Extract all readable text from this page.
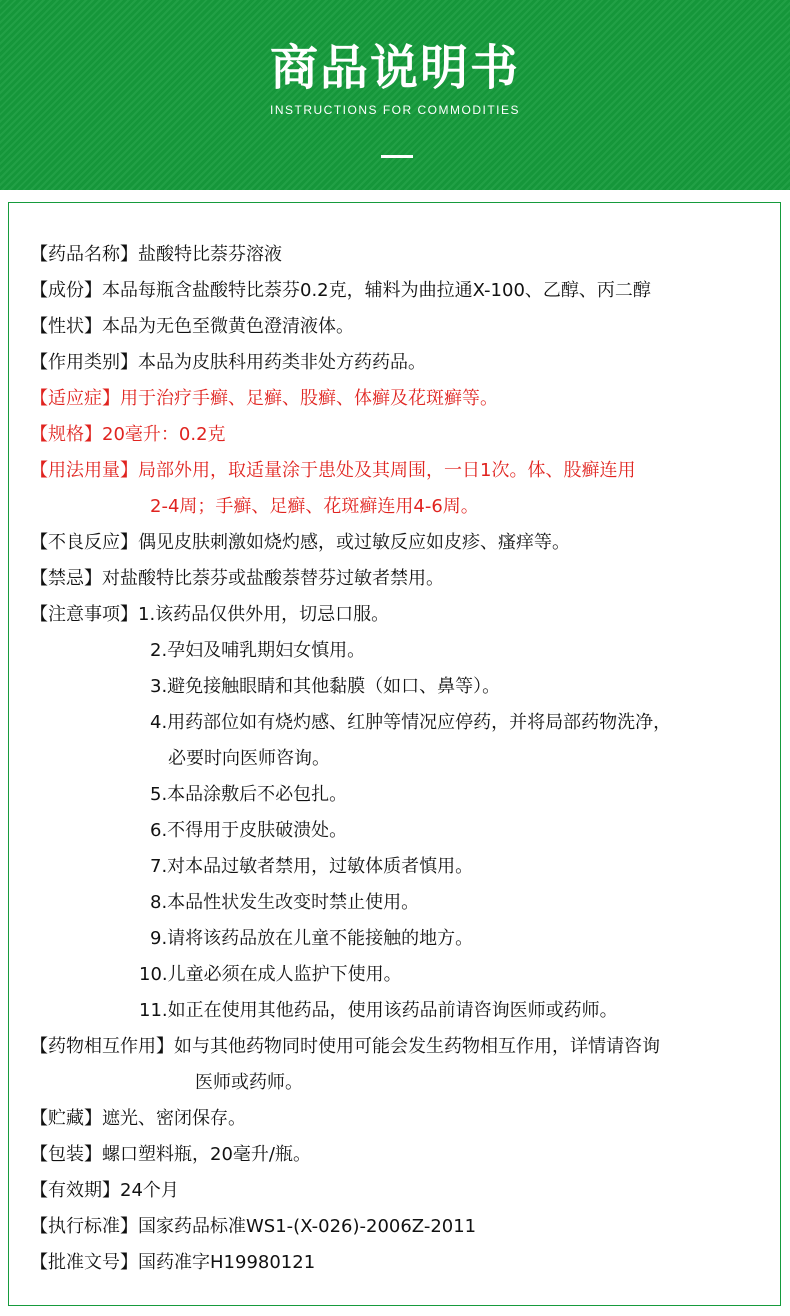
商品说明书
INSTRUCTIONS FOR COMMODITIES
【药品名称】盐酸特比萘芬溶液
【成份】本品每瓶含盐酸特比萘芬0.2克，辅料为曲拉通X-100、乙醇、丙二醇
【性状】本品为无色至微黄色澄清液体。
【作用类别】本品为皮肤科用药类非处方药药品。
【适应症】用于治疗手癣、足癣、股癣、体癣及花斑癣等。
【规格】20毫升：0.2克
【用法用量】局部外用，取适量涂于患处及其周围，一日1次。体、股癣连用
2-4周；手癣、足癣、花斑癣连用4-6周。
【不良反应】偶见皮肤刺激如烧灼感，或过敏反应如皮疹、瘙痒等。
【禁忌】对盐酸特比萘芬或盐酸萘替芬过敏者禁用。
【注意事项】1.该药品仅供外用，切忌口服。
2.孕妇及哺乳期妇女慎用。
3.避免接触眼睛和其他黏膜（如口、鼻等）。
4.用药部位如有烧灼感、红肿等情况应停药，并将局部药物洗净，
必要时向医师咨询。
5.本品涂敷后不必包扎。
6.不得用于皮肤破溃处。
7.对本品过敏者禁用，过敏体质者慎用。
8.本品性状发生改变时禁止使用。
9.请将该药品放在儿童不能接触的地方。
10.儿童必须在成人监护下使用。
11.如正在使用其他药品，使用该药品前请咨询医师或药师。
【药物相互作用】如与其他药物同时使用可能会发生药物相互作用，详情请咨询
医师或药师。
【贮藏】遮光、密闭保存。
【包装】螺口塑料瓶，20毫升/瓶。
【有效期】24个月
【执行标准】国家药品标准WS1-(X-026)-2006Z-2011
【批准文号】国药准字H19980121
